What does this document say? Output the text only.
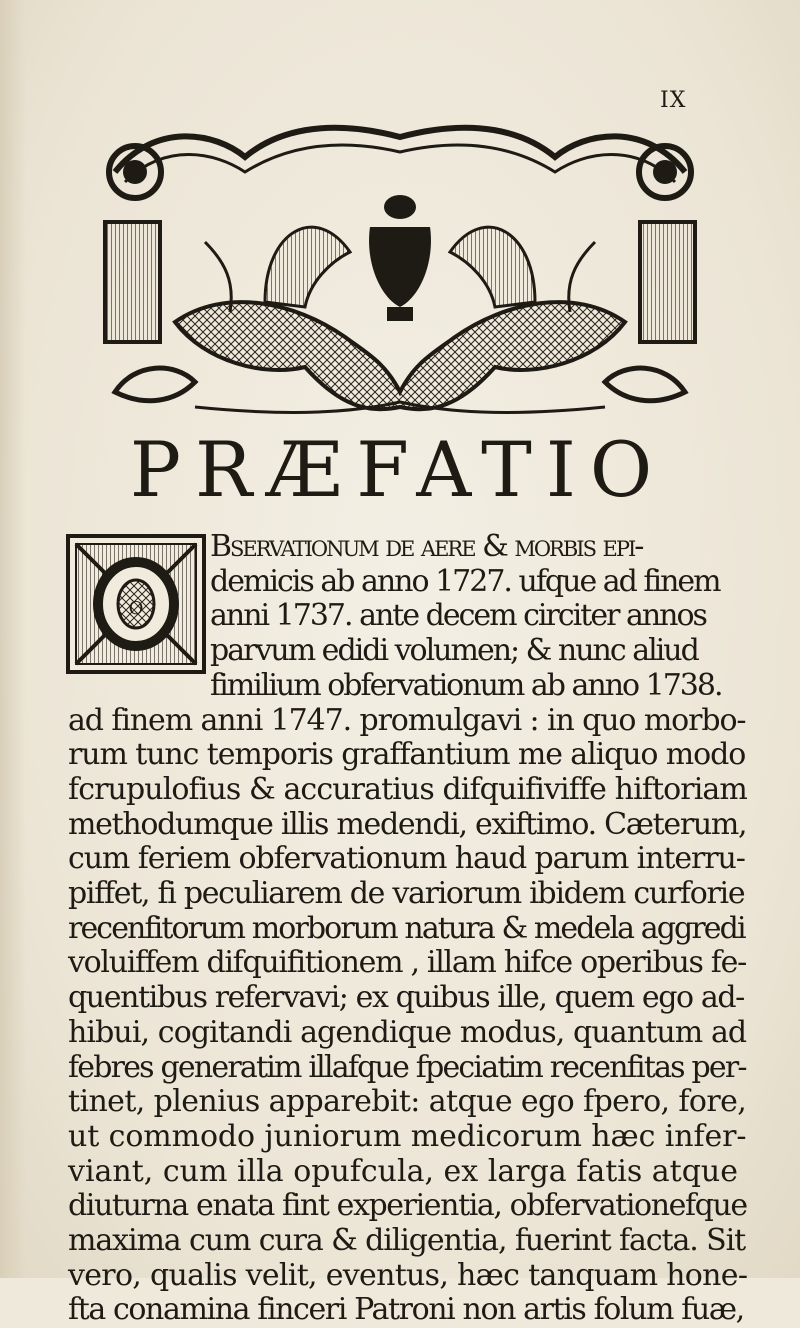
IX
PRÆFATIO
O
Bservationum de aere & morbis epi-
demicis ab anno 1727. ufque ad finem
anni 1737. ante decem circiter annos
parvum edidi volumen; & nunc aliud
fimilium obfervationum ab anno 1738.
ad finem anni 1747. promulgavi : in quo morbo-
rum tunc temporis graffantium me aliquo modo
fcrupulofius & accuratius difquifiviffe hiftoriam
methodumque illis medendi, exiftimo. Cæterum,
cum feriem obfervationum haud parum interru-
piffet, fi peculiarem de variorum ibidem curforie
recenfitorum morborum natura & medela aggredi
voluiffem difquifitionem , illam hifce operibus fe-
quentibus refervavi; ex quibus ille, quem ego ad-
hibui, cogitandi agendique modus, quantum ad
febres generatim illafque fpeciatim recenfitas per-
tinet, plenius apparebit: atque ego fpero, fore,
ut commodo juniorum medicorum hæc infer-
viant, cum illa opufcula, ex larga fatis atque
diuturna enata fint experientia, obfervationefque
maxima cum cura & diligentia, fuerint facta. Sit
vero, qualis velit, eventus, hæc tanquam hone-
fta conamina finceri Patroni non artis folum fuæ,
